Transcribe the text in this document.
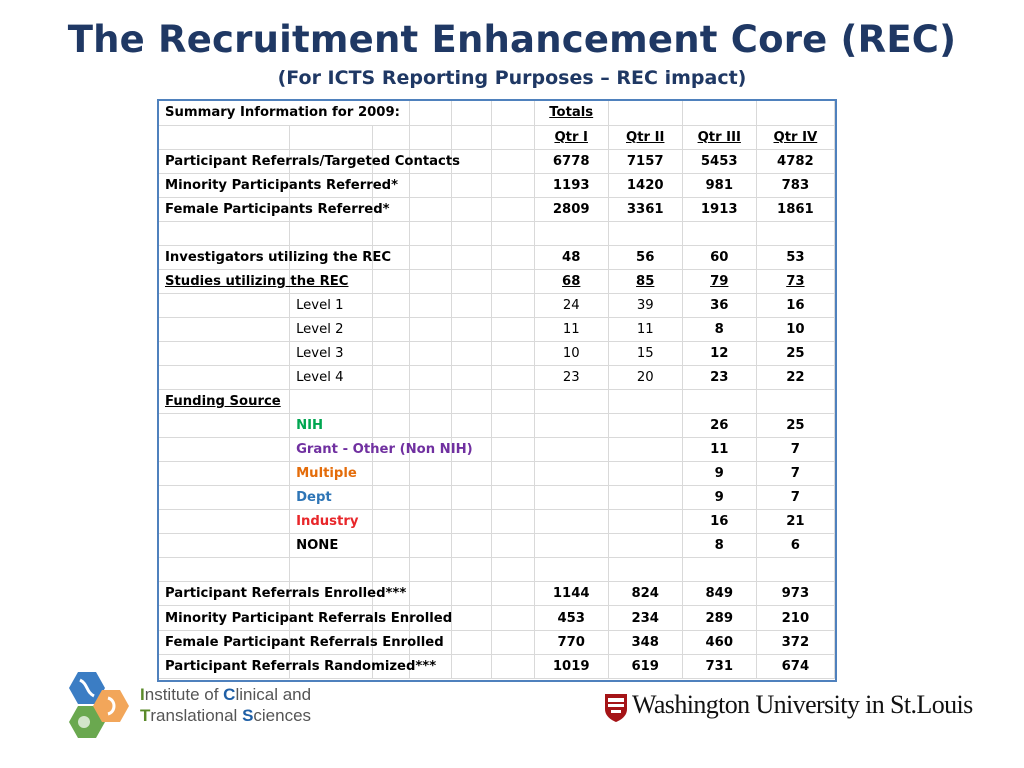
The Recruitment Enhancement Core (REC)
(For ICTS Reporting Purposes – REC impact)
Summary Information for 2009:						Totals			
						Qtr I	Qtr II	Qtr III	Qtr IV
Participant Referrals/Targeted Contacts						6778	7157	5453	4782
Minority Participants Referred*						1193	1420	981	783
Female Participants Referred*						2809	3361	1913	1861

Investigators utilizing the REC						48	56	60	53
Studies utilizing the REC						68	85	79	73
	Level 1					24	39	36	16
	Level 2					11	11	8	10
	Level 3					10	15	12	25
	Level 4					23	20	23	22
Funding Source									
	NIH							26	25
	Grant - Other (Non NIH)							11	7
	Multiple							9	7
	Dept							9	7
	Industry							16	21
	NONE							8	6

Participant Referrals Enrolled***						1144	824	849	973
Minority Participant Referrals Enrolled						453	234	289	210
Female Participant Referrals Enrolled						770	348	460	372
Participant Referrals Randomized***						1019	619	731	674
Institute of Clinical and
Translational Sciences	Washington University in St.Louis
